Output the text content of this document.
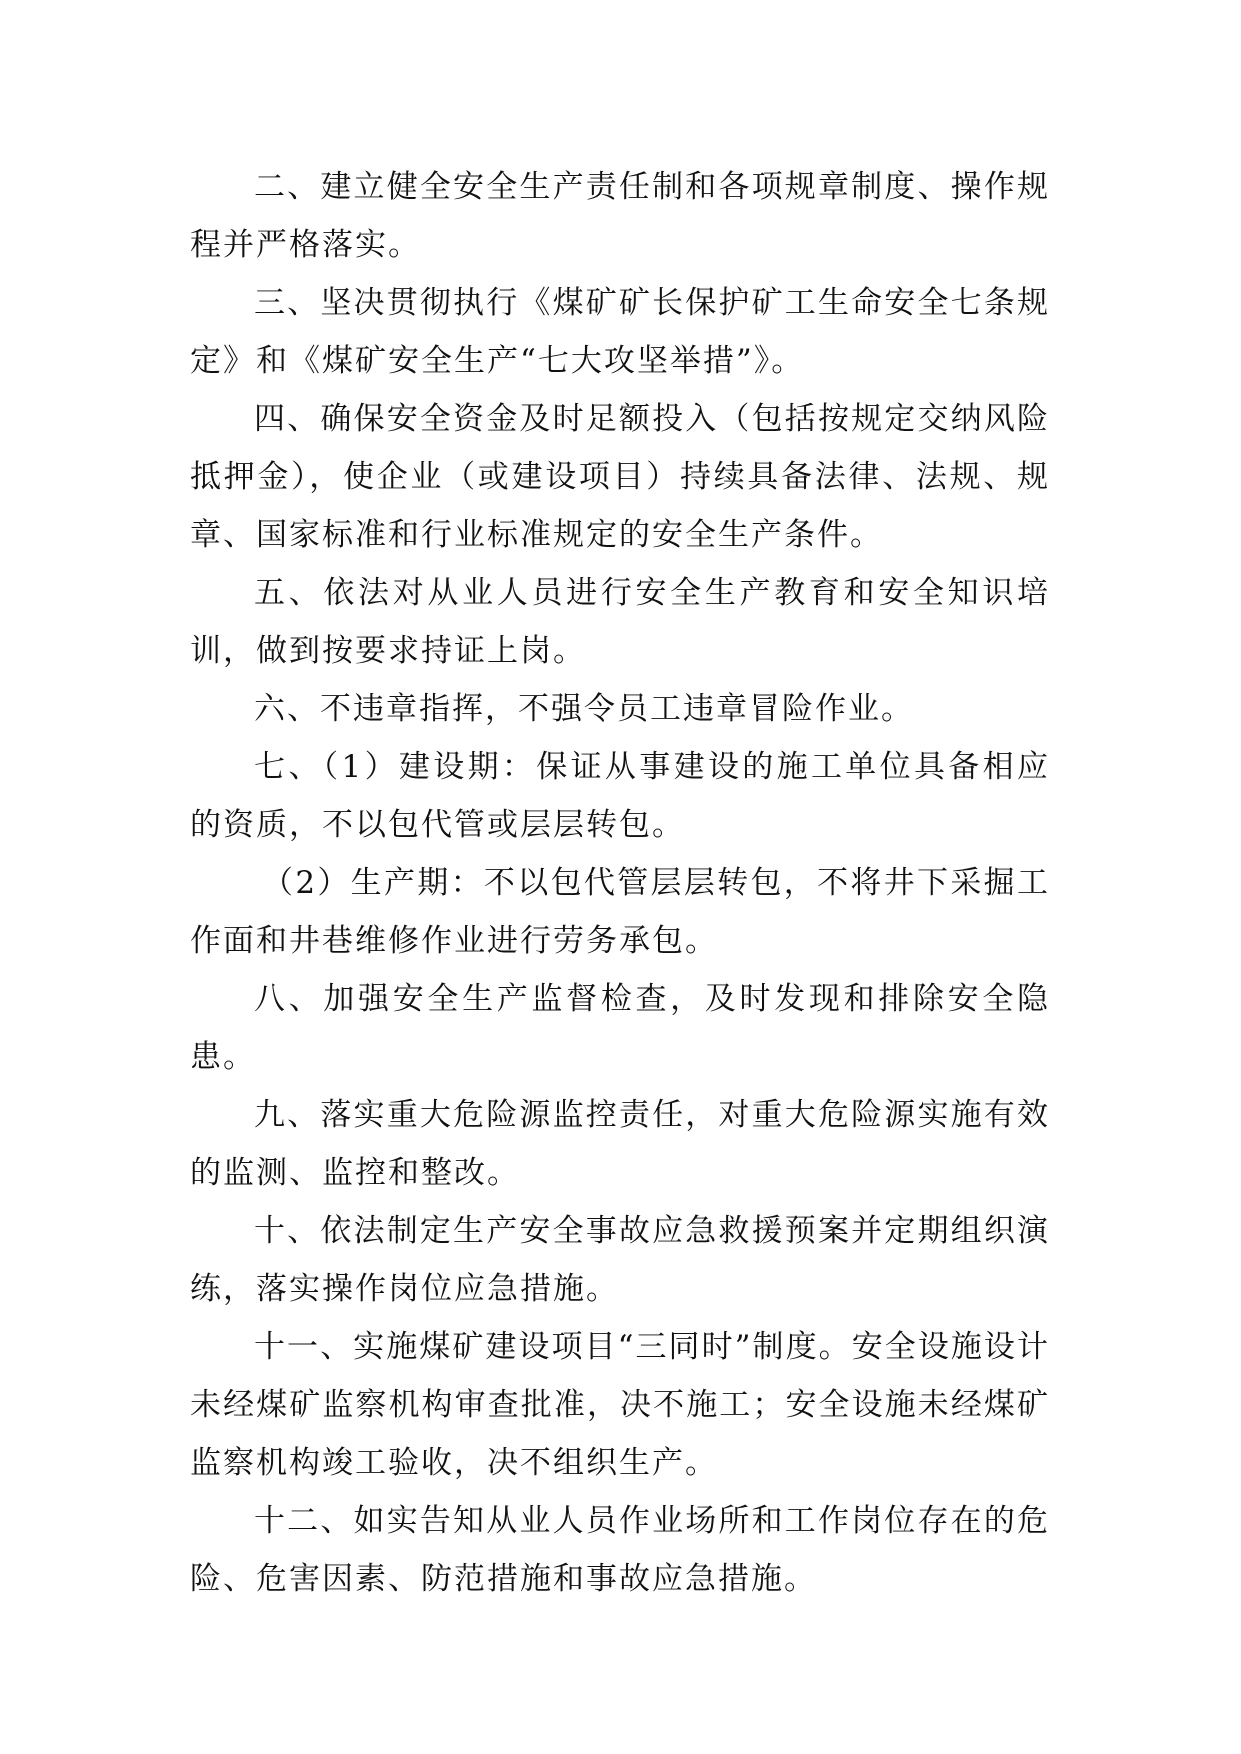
二、建立健全安全生产责任制和各项规章制度、操作规程并严格落实。

三、坚决贯彻执行《煤矿矿长保护矿工生命安全七条规定》和《煤矿安全生产“七大攻坚举措”》。

四、确保安全资金及时足额投入（包括按规定交纳风险抵押金），使企业（或建设项目）持续具备法律、法规、规章、国家标准和行业标准规定的安全生产条件。

五、依法对从业人员进行安全生产教育和安全知识培训，做到按要求持证上岗。

六、不违章指挥，不强令员工违章冒险作业。

七、（1）建设期：保证从事建设的施工单位具备相应的资质，不以包代管或层层转包。

（2）生产期：不以包代管层层转包，不将井下采掘工作面和井巷维修作业进行劳务承包。

八、加强安全生产监督检查，及时发现和排除安全隐患。

九、落实重大危险源监控责任，对重大危险源实施有效的监测、监控和整改。

十、依法制定生产安全事故应急救援预案并定期组织演练，落实操作岗位应急措施。

十一、实施煤矿建设项目“三同时”制度。安全设施设计未经煤矿监察机构审查批准，决不施工；安全设施未经煤矿监察机构竣工验收，决不组织生产。

十二、如实告知从业人员作业场所和工作岗位存在的危险、危害因素、防范措施和事故应急措施。
